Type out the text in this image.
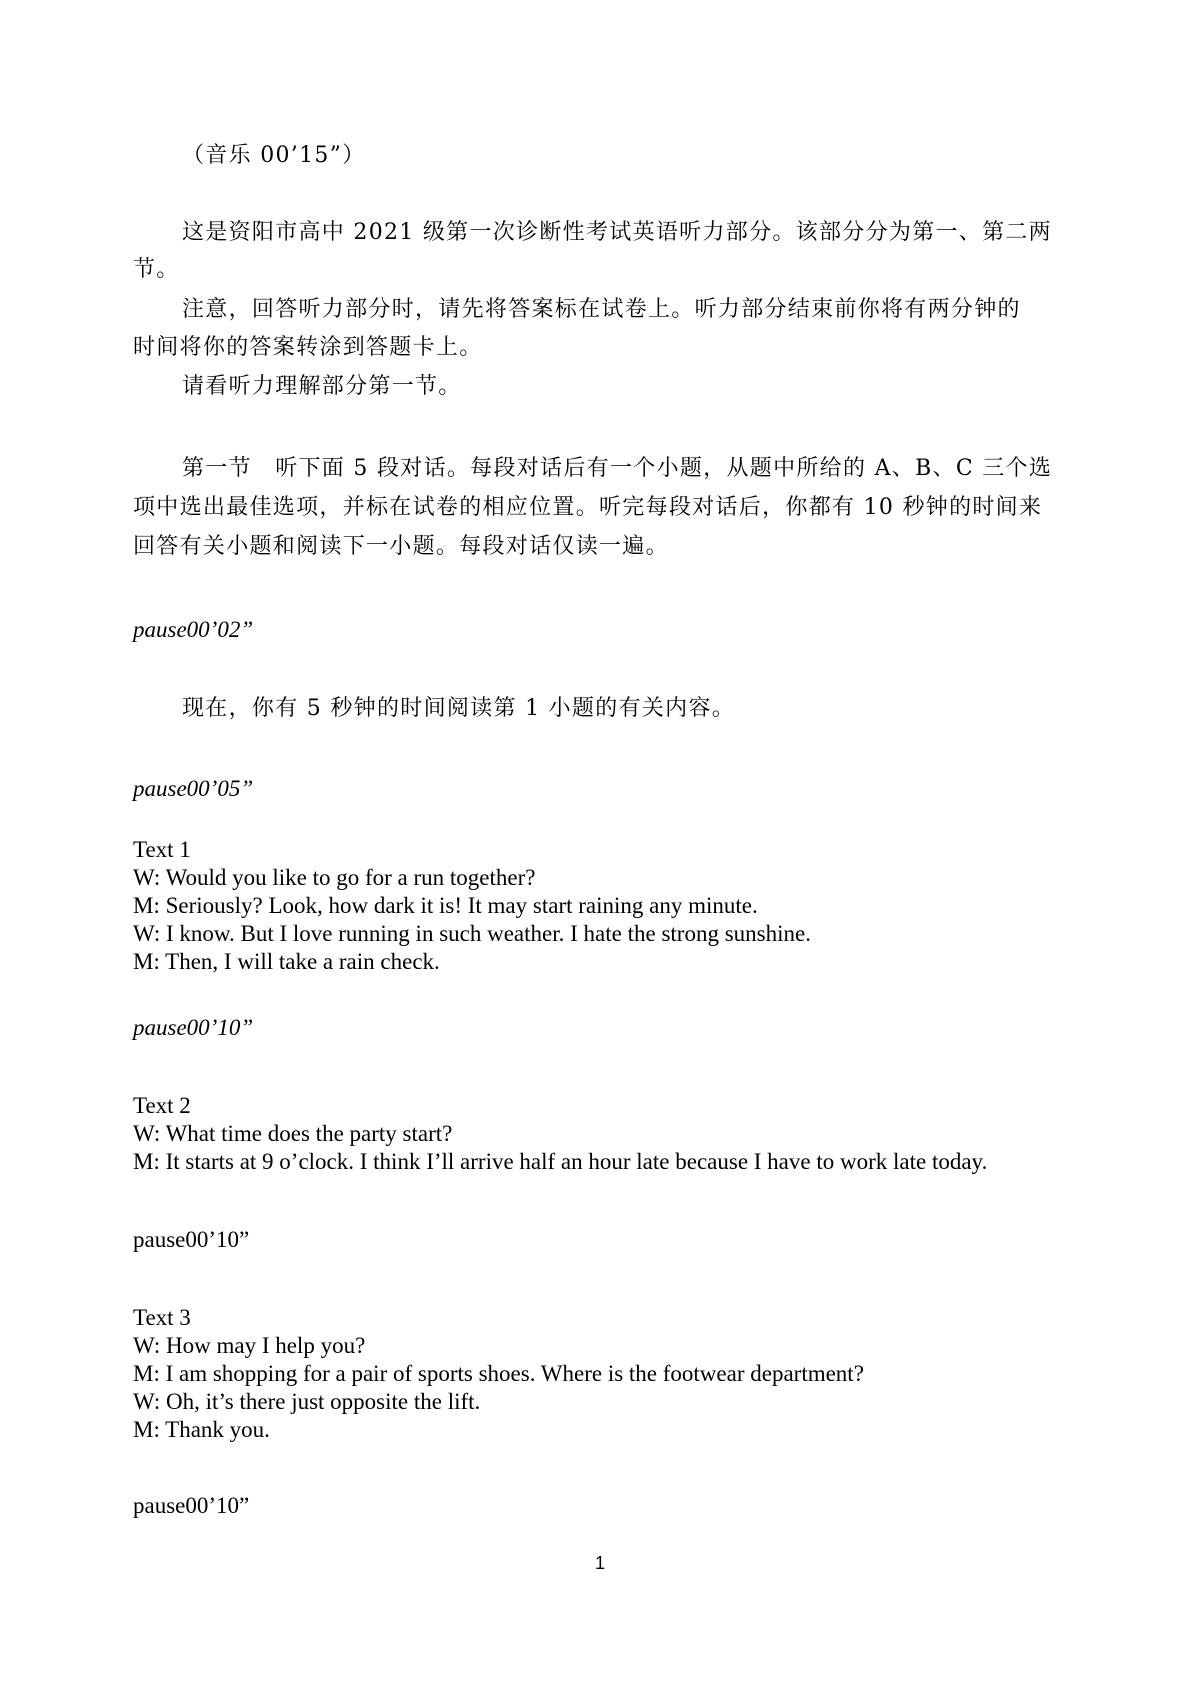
（音乐 00’15”）
这是资阳市高中 2021 级第一次诊断性考试英语听力部分。该部分分为第一、第二两
节。
注意，回答听力部分时，请先将答案标在试卷上。听力部分结束前你将有两分钟的
时间将你的答案转涂到答题卡上。
请看听力理解部分第一节。
第一节　听下面 5 段对话。每段对话后有一个小题，从题中所给的 A、B、C 三个选
项中选出最佳选项，并标在试卷的相应位置。听完每段对话后，你都有 10 秒钟的时间来
回答有关小题和阅读下一小题。每段对话仅读一遍。
pause00’02”
现在，你有 5 秒钟的时间阅读第 1 小题的有关内容。
pause00’05”
Text 1
W: Would you like to go for a run together?
M: Seriously? Look, how dark it is! It may start raining any minute.
W: I know. But I love running in such weather. I hate the strong sunshine.
M: Then, I will take a rain check.
pause00’10”
Text 2
W: What time does the party start?
M: It starts at 9 o’clock. I think I’ll arrive half an hour late because I have to work late today.
pause00’10”
Text 3
W: How may I help you?
M: I am shopping for a pair of sports shoes. Where is the footwear department?
W: Oh, it’s there just opposite the lift.
M: Thank you.
pause00’10”
1
